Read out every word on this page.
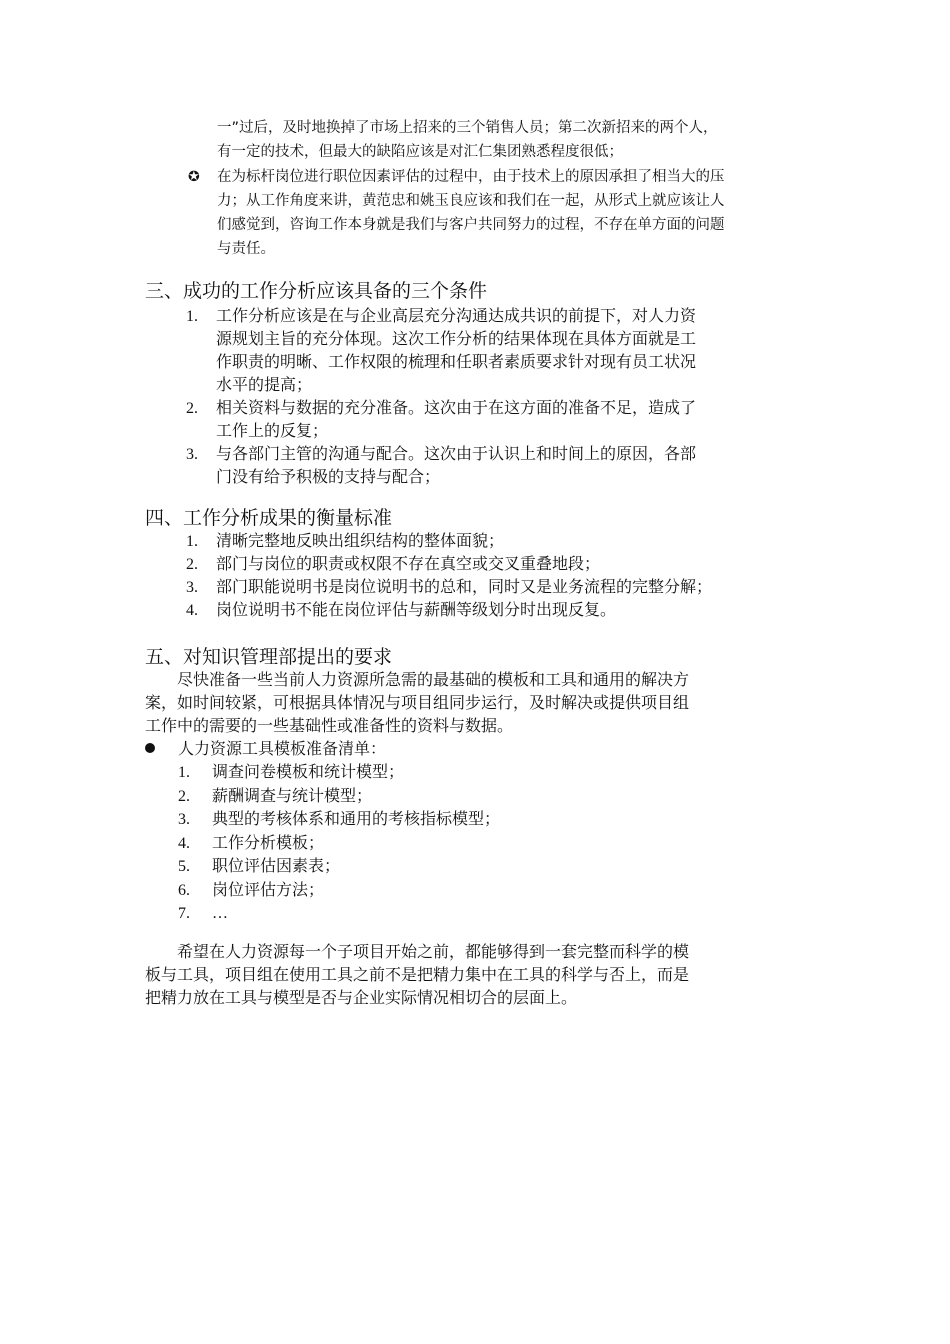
一”过后，及时地换掉了市场上招来的三个销售人员；第二次新招来的两个人，
有一定的技术，但最大的缺陷应该是对汇仁集团熟悉程度很低；
✪	在为标杆岗位进行职位因素评估的过程中，由于技术上的原因承担了相当大的压
力；从工作角度来讲，黄范忠和姚玉良应该和我们在一起，从形式上就应该让人
们感觉到，咨询工作本身就是我们与客户共同努力的过程，不存在单方面的问题
与责任。
三、成功的工作分析应该具备的三个条件
1. 工作分析应该是在与企业高层充分沟通达成共识的前提下，对人力资
源规划主旨的充分体现。这次工作分析的结果体现在具体方面就是工
作职责的明晰、工作权限的梳理和任职者素质要求针对现有员工状况
水平的提高；
2. 相关资料与数据的充分准备。这次由于在这方面的准备不足，造成了
工作上的反复；
3. 与各部门主管的沟通与配合。这次由于认识上和时间上的原因，各部
门没有给予积极的支持与配合；
四、工作分析成果的衡量标准
1. 清晰完整地反映出组织结构的整体面貌；
2. 部门与岗位的职责或权限不存在真空或交叉重叠地段；
3. 部门职能说明书是岗位说明书的总和，同时又是业务流程的完整分解；
4. 岗位说明书不能在岗位评估与薪酬等级划分时出现反复。
五、对知识管理部提出的要求
　　尽快准备一些当前人力资源所急需的最基础的模板和工具和通用的解决方
案，如时间较紧，可根据具体情况与项目组同步运行，及时解决或提供项目组
工作中的需要的一些基础性或准备性的资料与数据。
人力资源工具模板准备清单：
1. 调查问卷模板和统计模型；
2. 薪酬调查与统计模型；
3. 典型的考核体系和通用的考核指标模型；
4. 工作分析模板；
5. 职位评估因素表；
6. 岗位评估方法；
7. …
　　希望在人力资源每一个子项目开始之前，都能够得到一套完整而科学的模
板与工具，项目组在使用工具之前不是把精力集中在工具的科学与否上，而是
把精力放在工具与模型是否与企业实际情况相切合的层面上。
